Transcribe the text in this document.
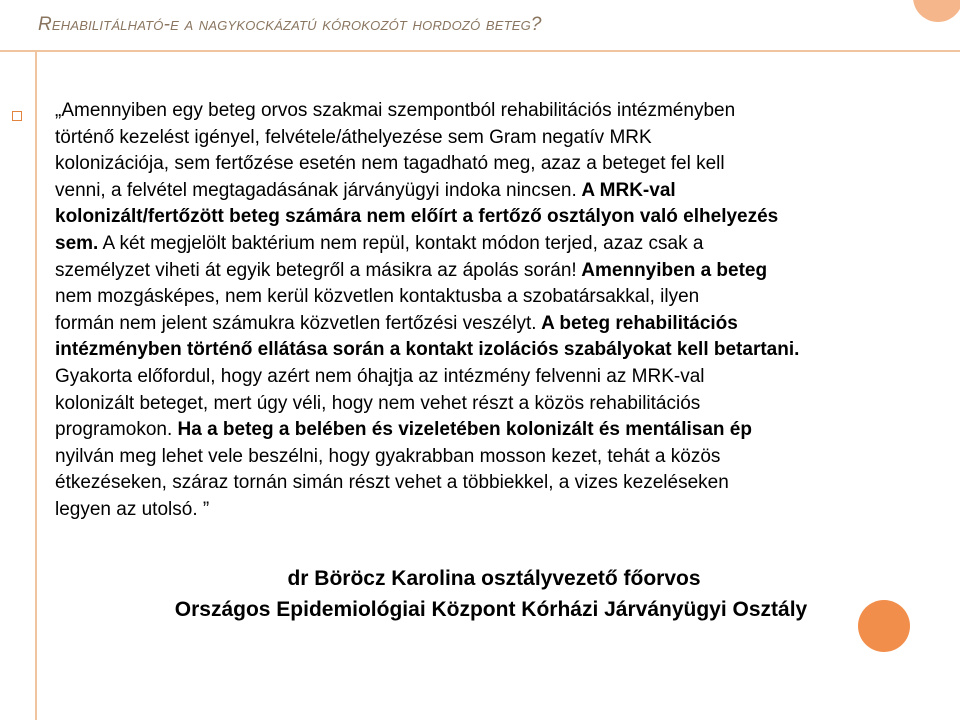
Rehabilitálható-e a nagykockázatú kórokozót hordozó beteg?
„Amennyiben egy beteg orvos szakmai szempontból rehabilitációs intézményben
történő kezelést igényel, felvétele/áthelyezése sem Gram negatív MRK
kolonizációja, sem fertőzése esetén nem tagadható meg, azaz a beteget fel kell
venni, a felvétel megtagadásának járványügyi indoka nincsen. A MRK-val
kolonizált/fertőzött beteg számára nem előírt a fertőző osztályon való elhelyezés
sem. A két megjelölt baktérium nem repül, kontakt módon terjed, azaz csak a
személyzet viheti át egyik betegről a másikra az ápolás során! Amennyiben a beteg
nem mozgásképes, nem kerül közvetlen kontaktusba a szobatársakkal, ilyen
formán nem jelent számukra közvetlen fertőzési veszélyt. A beteg rehabilitációs
intézményben történő ellátása során a kontakt izolációs szabályokat kell betartani.
Gyakorta előfordul, hogy azért nem óhajtja az intézmény felvenni az MRK-val
kolonizált beteget, mert úgy véli, hogy nem vehet részt a közös rehabilitációs
programokon. Ha a beteg a belében és vizeletében kolonizált és mentálisan ép
nyilván meg lehet vele beszélni, hogy gyakrabban mosson kezet, tehát a közös
étkezéseken, száraz tornán simán részt vehet a többiekkel, a vizes kezeléseken
legyen az utolsó. ”
dr Böröcz Karolina osztályvezető főorvos
Országos Epidemiológiai Központ Kórházi Járványügyi Osztály
